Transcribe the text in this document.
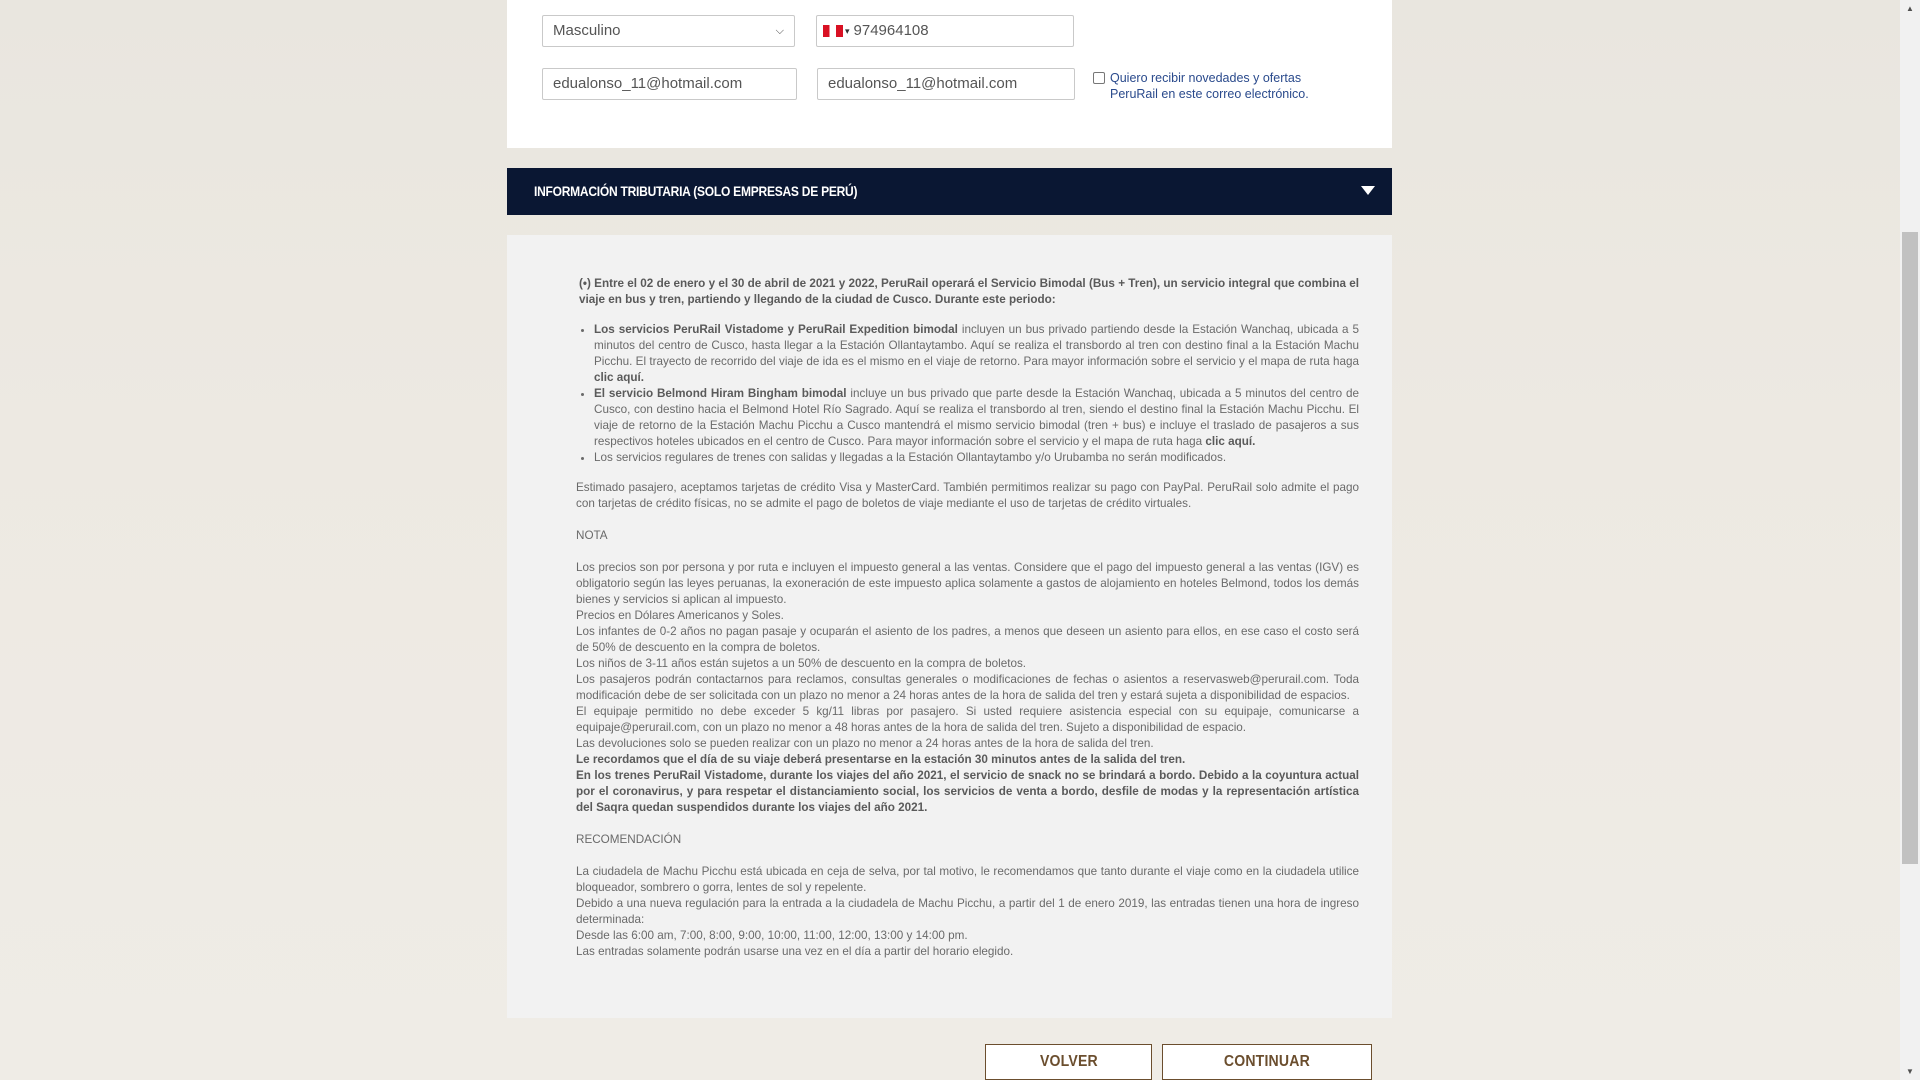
Masculino	⌵	▾ 974964108
edualonso_11@hotmail.com	edualonso_11@hotmail.com	Quiero recibir novedades y ofertas PeruRail en este correo electrónico.
INFORMACIÓN TRIBUTARIA (SOLO EMPRESAS DE PERÚ)

(•) Entre el 02 de enero y el 30 de abril de 2021 y 2022, PeruRail operará el Servicio Bimodal (Bus + Tren), un servicio integral que combina el viaje en bus y tren, partiendo y llegando de la ciudad de Cusco. Durante este periodo:

• Los servicios PeruRail Vistadome y PeruRail Expedition bimodal incluyen un bus privado partiendo desde la Estación Wanchaq, ubicada a 5 minutos del centro de Cusco, hasta llegar a la Estación Ollantaytambo. Aquí se realiza el transbordo al tren con destino final a la Estación Machu Picchu. El trayecto de recorrido del viaje de ida es el mismo en el viaje de retorno. Para mayor información sobre el servicio y el mapa de ruta haga clic aquí.
• El servicio Belmond Hiram Bingham bimodal incluye un bus privado que parte desde la Estación Wanchaq, ubicada a 5 minutos del centro de Cusco, con destino hacia el Belmond Hotel Río Sagrado. Aquí se realiza el transbordo al tren, siendo el destino final la Estación Machu Picchu. El viaje de retorno de la Estación Machu Picchu a Cusco mantendrá el mismo servicio bimodal (tren + bus) e incluye el traslado de pasajeros a sus respectivos hoteles ubicados en el centro de Cusco. Para mayor información sobre el servicio y el mapa de ruta haga clic aquí.
• Los servicios regulares de trenes con salidas y llegadas a la Estación Ollantaytambo y/o Urubamba no serán modificados.

Estimado pasajero, aceptamos tarjetas de crédito Visa y MasterCard. También permitimos realizar su pago con PayPal. PeruRail solo admite el pago con tarjetas de crédito físicas, no se admite el pago de boletos de viaje mediante el uso de tarjetas de crédito virtuales.

NOTA

Los precios son por persona y por ruta e incluyen el impuesto general a las ventas. Considere que el pago del impuesto general a las ventas (IGV) es obligatorio según las leyes peruanas, la exoneración de este impuesto aplica solamente a gastos de alojamiento en hoteles Belmond, todos los demás bienes y servicios si aplican al impuesto.

Precios en Dólares Americanos y Soles.

Los infantes de 0-2 años no pagan pasaje y ocuparán el asiento de los padres, a menos que deseen un asiento para ellos, en ese caso el costo será de 50% de descuento en la compra de boletos.

Los niños de 3-11 años están sujetos a un 50% de descuento en la compra de boletos.

Los pasajeros podrán contactarnos para reclamos, consultas generales o modificaciones de fechas o asientos a reservasweb@perurail.com. Toda modificación debe de ser solicitada con un plazo no menor a 24 horas antes de la hora de salida del tren y estará sujeta a disponibilidad de espacios.

El equipaje permitido no debe exceder 5 kg/11 libras por pasajero. Si usted requiere asistencia especial con su equipaje, comunicarse a equipaje@perurail.com, con un plazo no menor a 48 horas antes de la hora de salida del tren. Sujeto a disponibilidad de espacio.

Las devoluciones solo se pueden realizar con un plazo no menor a 24 horas antes de la hora de salida del tren.

Le recordamos que el día de su viaje deberá presentarse en la estación 30 minutos antes de la salida del tren.

En los trenes PeruRail Vistadome, durante los viajes del año 2021, el servicio de snack no se brindará a bordo. Debido a la coyuntura actual por el coronavirus, y para respetar el distanciamiento social, los servicios de venta a bordo, desfile de modas y la representación artística del Saqra quedan suspendidos durante los viajes del año 2021.

RECOMENDACIÓN

La ciudadela de Machu Picchu está ubicada en ceja de selva, por tal motivo, le recomendamos que tanto durante el viaje como en la ciudadela utilice bloqueador, sombrero o gorra, lentes de sol y repelente.

Debido a una nueva regulación para la entrada a la ciudadela de Machu Picchu, a partir del 1 de enero 2019, las entradas tienen una hora de ingreso determinada:

Desde las 6:00 am, 7:00, 8:00, 9:00, 10:00, 11:00, 12:00, 13:00 y 14:00 pm.

Las entradas solamente podrán usarse una vez en el día a partir del horario elegido.

VOLVER	CONTINUAR
▲
▼
